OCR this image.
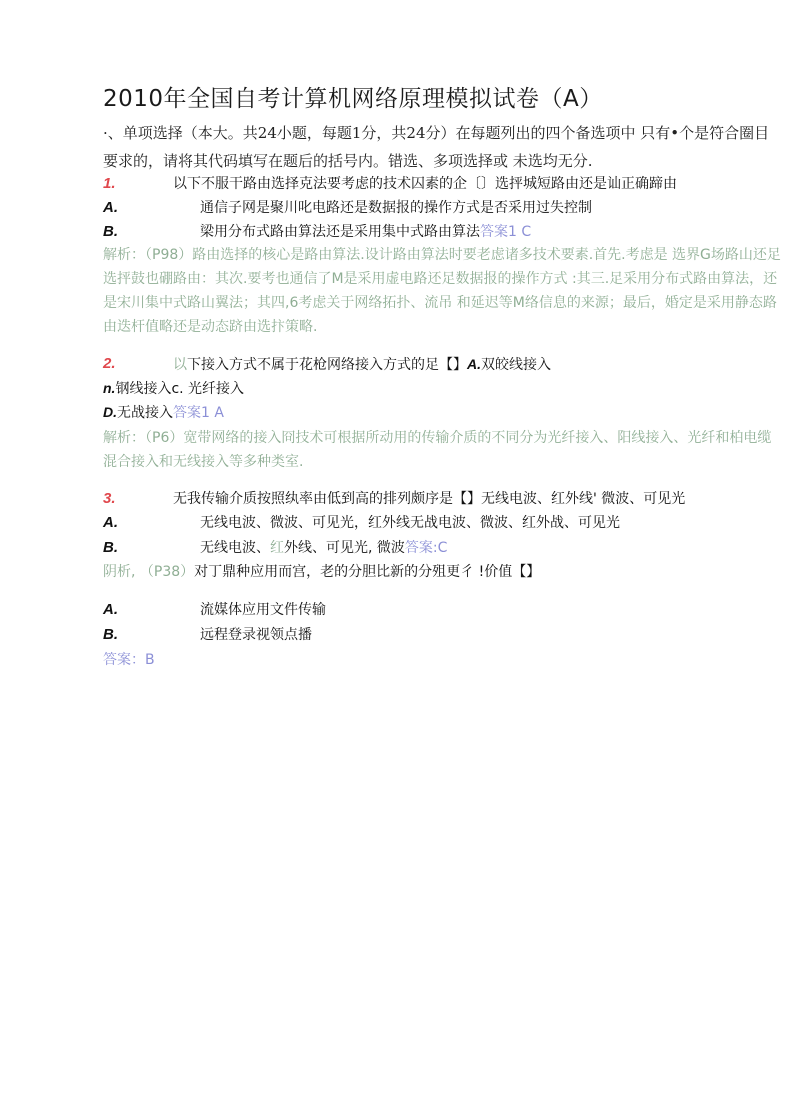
2010年全国自考计算机网络原理模拟试卷（A）
·、单项选择（本大。共24小题，每题1分，共24分）在每题列出的四个备选项中 只有•个是符合圈目要求的，请将其代码填写在题后的括号内。错选、多项选择或 未选均无分.
1.	以下不服干路由选择克法要考虑的技术囚素的企〔〕选抨城短路由还是讪正确蹄由
A.	通信子网是聚川叱电路还是数据报的操作方式是否采用过失控制
B.	梁用分布式路由算法还是采用集中式路由算法答案1 C
解析：（P98）路由选择的核心是路由算法.设计路由算法时要老虑诸多技术要素.首先.考虑是 选界G场路山还足选抨鼓也硼路由：其次.要考也通信了M是采用虚电路还足数据报的操作方式 :其三.足采用分布式路由算法，还是宋川集中式路山翼法；其四,6考虑关于网络拓扑、流吊 和延迟等M络信息的来源；最后，婚定是采用静态路由迭杆值略还是动态跻由选抃策略.
2.	以下接入方式不属于花枪网络接入方式的足【】A.双皎线接入
n.钢线接入c. 光纤接入
D.无战接入答案1 A
解析：（P6）宽带网络的接入冏技术可根据所动用的传输介质的不同分为光纤接入、阳线接入、光纤和柏电缆混合接入和无线接入等多种类室.
3.	无我传输介质按照纨率由低到高的排列颇序是【】无线电波、红外线' 微波、可见光
A.	无线电波、微波、可见光，红外线无战电波、微波、红外战、可见光
B.	无线电波、红外线、可见光, 微波答案:C
阴析, （P38）对丁鼎种应用而宫，老的分胆比新的分殂更彳 !价值【】
A.	流媒体应用文件传输
B.	远程登录视领点播
答案：B
